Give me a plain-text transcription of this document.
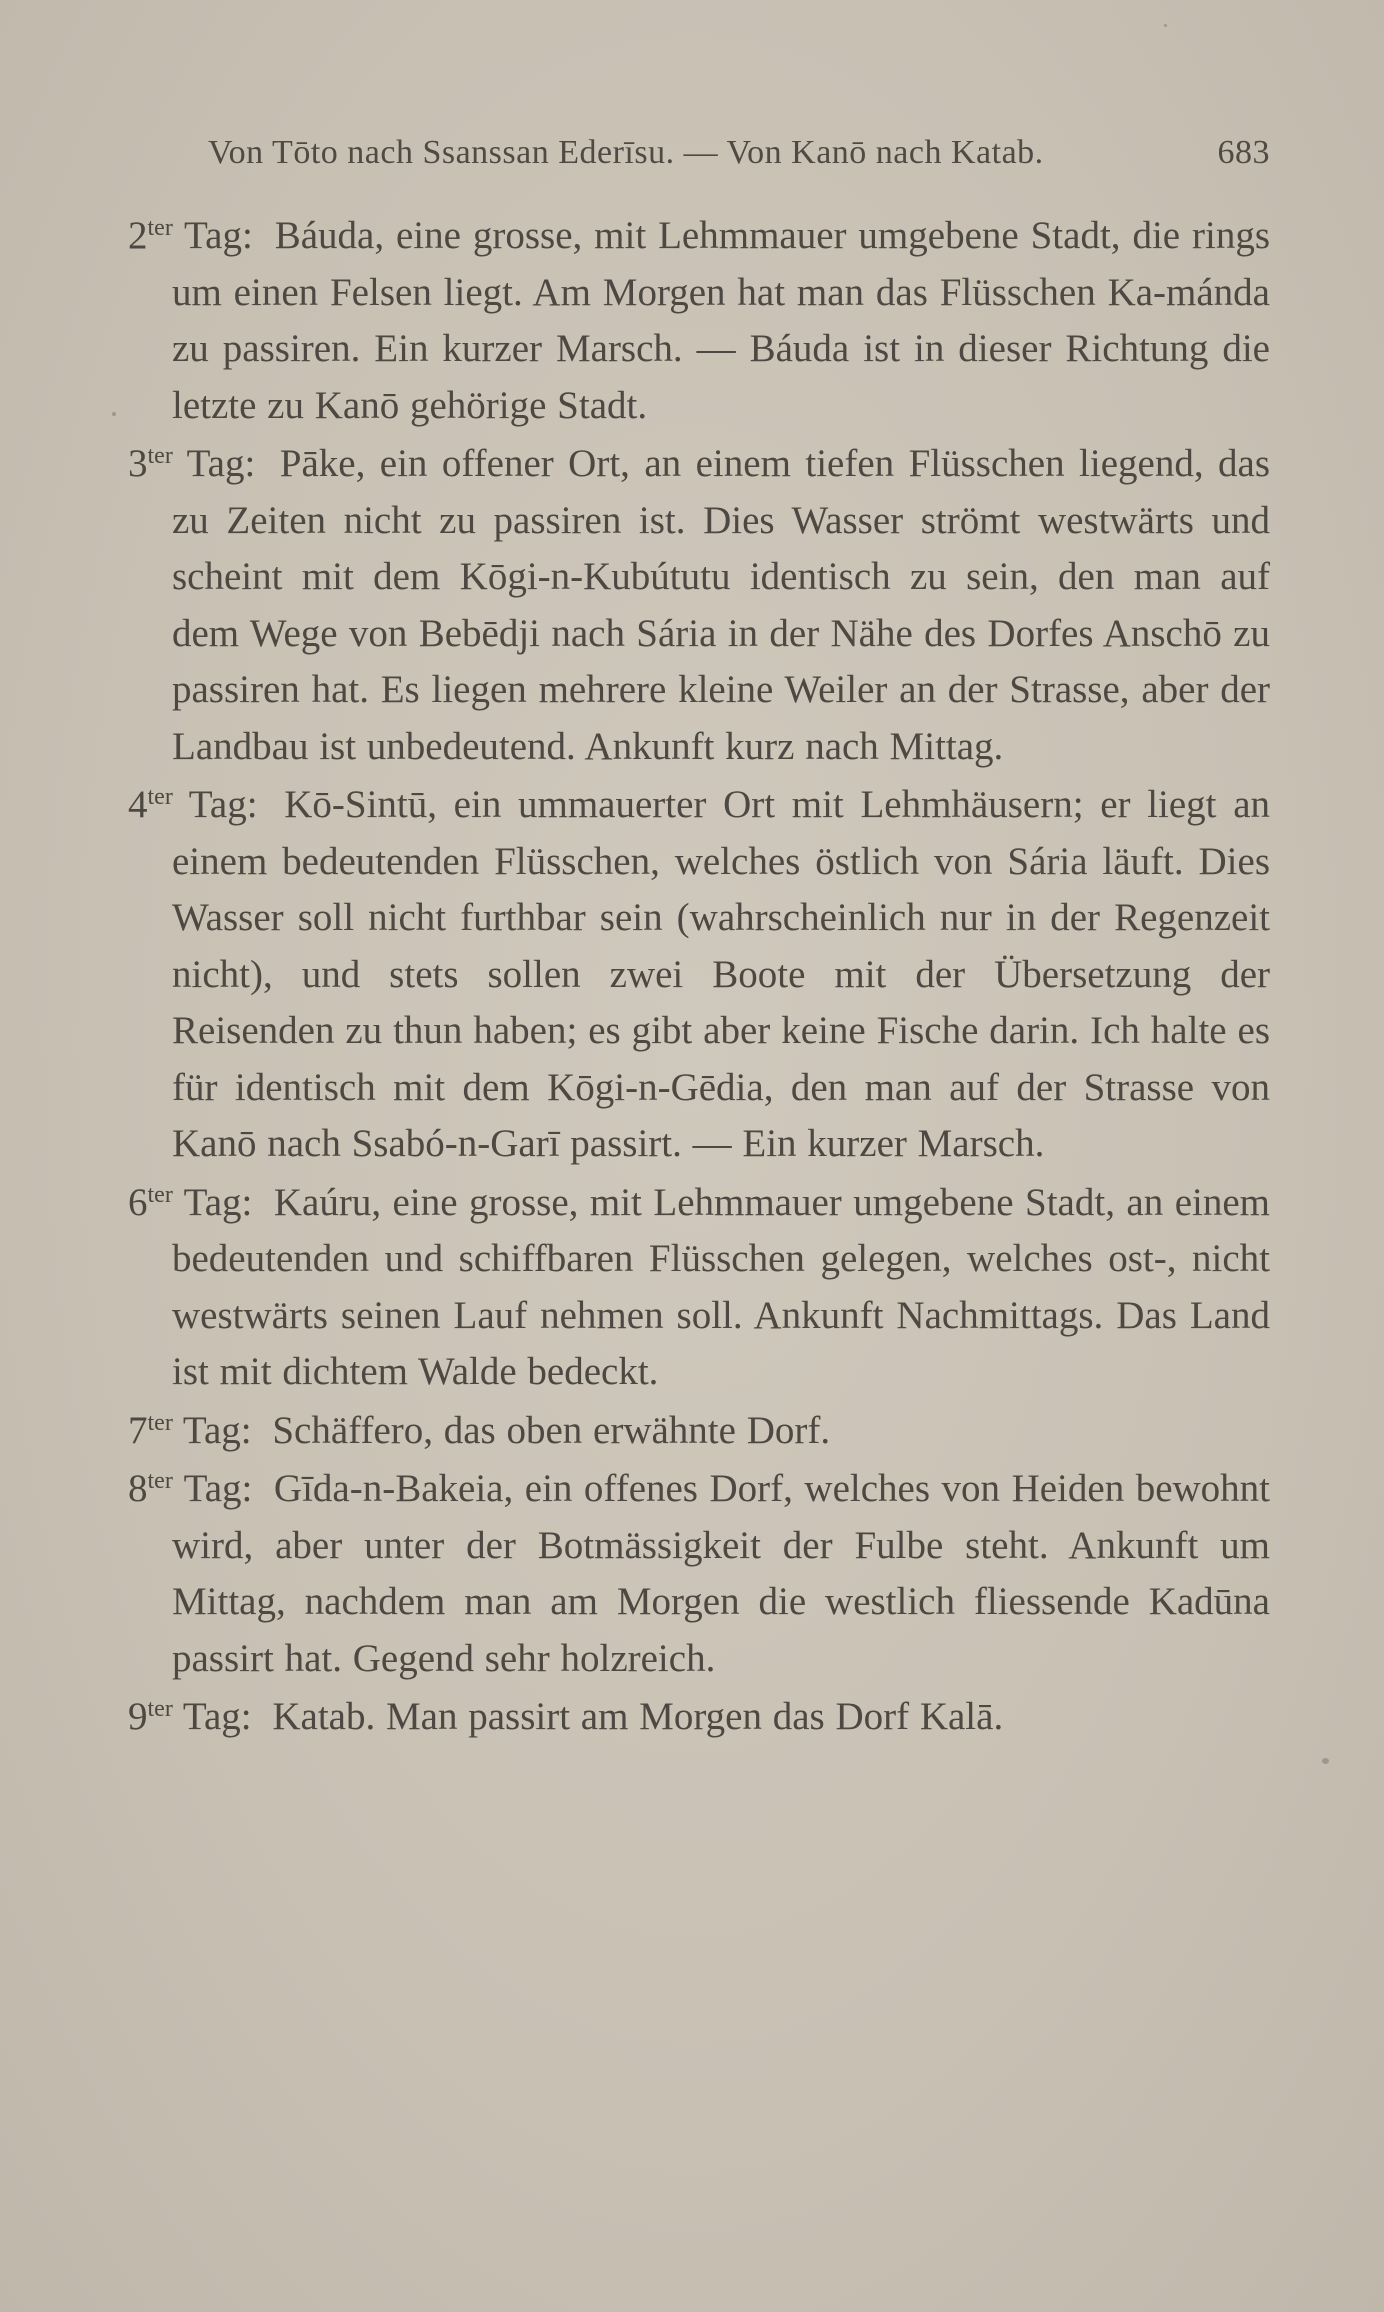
Von Tōto nach Ssanssan Ederīsu. — Von Kanō nach Katab.	683

$2^{ter}$ Tag: Báuda, eine grosse, mit Lehmmauer umgebene Stadt, die rings um einen Felsen liegt. Am Morgen hat man das Flüsschen Ka-mánda zu passiren. Ein kurzer Marsch. — Báuda ist in dieser Richtung die letzte zu Kanō gehörige Stadt.

$3^{ter}$ Tag: Pāke, ein offener Ort, an einem tiefen Flüsschen liegend, das zu Zeiten nicht zu passiren ist. Dies Wasser strömt westwärts und scheint mit dem Kōgi-n-Kubútutu identisch zu sein, den man auf dem Wege von Bebēdji nach Sária in der Nähe des Dorfes Anschō zu passiren hat. Es liegen mehrere kleine Weiler an der Strasse, aber der Landbau ist unbedeutend. Ankunft kurz nach Mittag.

$4^{ter}$ Tag: Kō-Sintū, ein ummauerter Ort mit Lehmhäusern; er liegt an einem bedeutenden Flüsschen, welches östlich von Sária läuft. Dies Wasser soll nicht furthbar sein (wahrscheinlich nur in der Regenzeit nicht), und stets sollen zwei Boote mit der Übersetzung der Reisenden zu thun haben; es gibt aber keine Fische darin. Ich halte es für identisch mit dem Kōgi-n-Gēdia, den man auf der Strasse von Kanō nach Ssabó-n-Garī passirt. — Ein kurzer Marsch.

$6^{ter}$ Tag: Kaúru, eine grosse, mit Lehmmauer umgebene Stadt, an einem bedeutenden und schiffbaren Flüsschen gelegen, welches ost-, nicht westwärts seinen Lauf nehmen soll. Ankunft Nachmittags. Das Land ist mit dichtem Walde bedeckt.

$7^{ter}$ Tag: Schäffero, das oben erwähnte Dorf.

$8^{ter}$ Tag: Gīda-n-Bakeia, ein offenes Dorf, welches von Heiden bewohnt wird, aber unter der Botmässigkeit der Fulbe steht. Ankunft um Mittag, nachdem man am Morgen die westlich fliessende Kadūna passirt hat. Gegend sehr holzreich.

$9^{ter}$ Tag: Katab. Man passirt am Morgen das Dorf Kalā.
